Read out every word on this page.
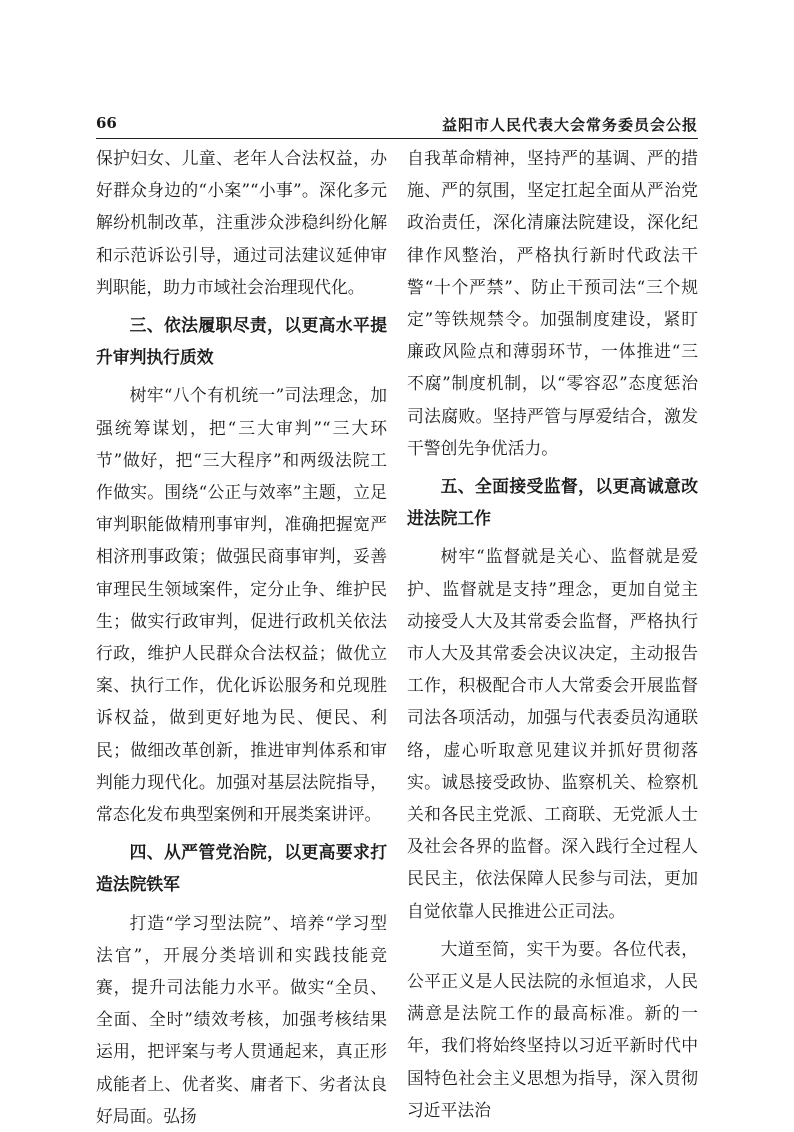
66	益阳市人民代表大会常务委员会公报

保护妇女、儿童、老年人合法权益，办好群众身边的“小案”“小事”。深化多元解纷机制改革，注重涉众涉稳纠纷化解和示范诉讼引导，通过司法建议延伸审判职能，助力市域社会治理现代化。

三、依法履职尽责，以更高水平提升审判执行质效

树牢“八个有机统一”司法理念，加强统筹谋划，把“三大审判”“三大环节”做好，把“三大程序”和两级法院工作做实。围绕“公正与效率”主题，立足审判职能做精刑事审判，准确把握宽严相济刑事政策；做强民商事审判，妥善审理民生领域案件，定分止争、维护民生；做实行政审判，促进行政机关依法行政，维护人民群众合法权益；做优立案、执行工作，优化诉讼服务和兑现胜诉权益，做到更好地为民、便民、利民；做细改革创新，推进审判体系和审判能力现代化。加强对基层法院指导，常态化发布典型案例和开展类案讲评。

四、从严管党治院，以更高要求打造法院铁军

打造“学习型法院”、培养“学习型法官”，开展分类培训和实践技能竞赛，提升司法能力水平。做实“全员、全面、全时”绩效考核，加强考核结果运用，把评案与考人贯通起来，真正形成能者上、优者奖、庸者下、劣者汰良好局面。弘扬

自我革命精神，坚持严的基调、严的措施、严的氛围，坚定扛起全面从严治党政治责任，深化清廉法院建设，深化纪律作风整治，严格执行新时代政法干警“十个严禁”、防止干预司法“三个规定”等铁规禁令。加强制度建设，紧盯廉政风险点和薄弱环节，一体推进“三不腐”制度机制，以“零容忍”态度惩治司法腐败。坚持严管与厚爱结合，激发干警创先争优活力。

五、全面接受监督，以更高诚意改进法院工作

树牢“监督就是关心、监督就是爱护、监督就是支持”理念，更加自觉主动接受人大及其常委会监督，严格执行市人大及其常委会决议决定，主动报告工作，积极配合市人大常委会开展监督司法各项活动，加强与代表委员沟通联络，虚心听取意见建议并抓好贯彻落实。诚恳接受政协、监察机关、检察机关和各民主党派、工商联、无党派人士及社会各界的监督。深入践行全过程人民民主，依法保障人民参与司法，更加自觉依靠人民推进公正司法。

大道至简，实干为要。各位代表，公平正义是人民法院的永恒追求，人民满意是法院工作的最高标准。新的一年，我们将始终坚持以习近平新时代中国特色社会主义思想为指导，深入贯彻习近平法治
